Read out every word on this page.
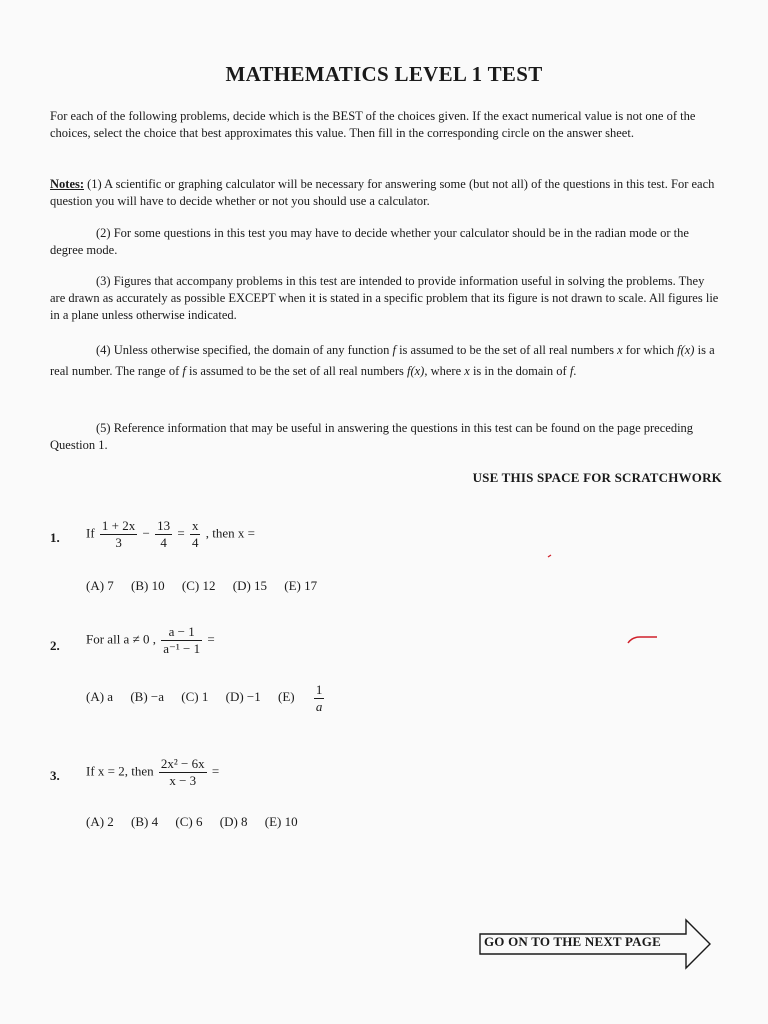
MATHEMATICS LEVEL 1 TEST
For each of the following problems, decide which is the BEST of the choices given. If the exact numerical value is not one of the choices, select the choice that best approximates this value. Then fill in the corresponding circle on the answer sheet.
Notes: (1) A scientific or graphing calculator will be necessary for answering some (but not all) of the questions in this test. For each question you will have to decide whether or not you should use a calculator.
(2) For some questions in this test you may have to decide whether your calculator should be in the radian mode or the degree mode.
(3) Figures that accompany problems in this test are intended to provide information useful in solving the problems. They are drawn as accurately as possible EXCEPT when it is stated in a specific problem that its figure is not drawn to scale. All figures lie in a plane unless otherwise indicated.
(4) Unless otherwise specified, the domain of any function f is assumed to be the set of all real numbers x for which f(x) is a real number. The range of f is assumed to be the set of all real numbers f(x), where x is in the domain of f.
(5) Reference information that may be useful in answering the questions in this test can be found on the page preceding Question 1.
USE THIS SPACE FOR SCRATCHWORK
1. If $\frac{1 + 2x}{3} - \frac{13}{4} = \frac{x}{4}$ , then x =
(A) 7 (B) 10 (C) 12 (D) 15 (E) 17
2. For all a ≠ 0 , $\frac{a - 1}{\text{a⁻¹ − 1}}$ =
(A) a (B) −a (C) 1 (D) −1 $(E) \frac{1}{a}$
3. If x = 2, then $\frac{\text{2x² − 6x}}{x - 3}$ =
(A) 2 (B) 4 (C) 6 (D) 8 (E) 10
GO ON TO THE NEXT PAGE
